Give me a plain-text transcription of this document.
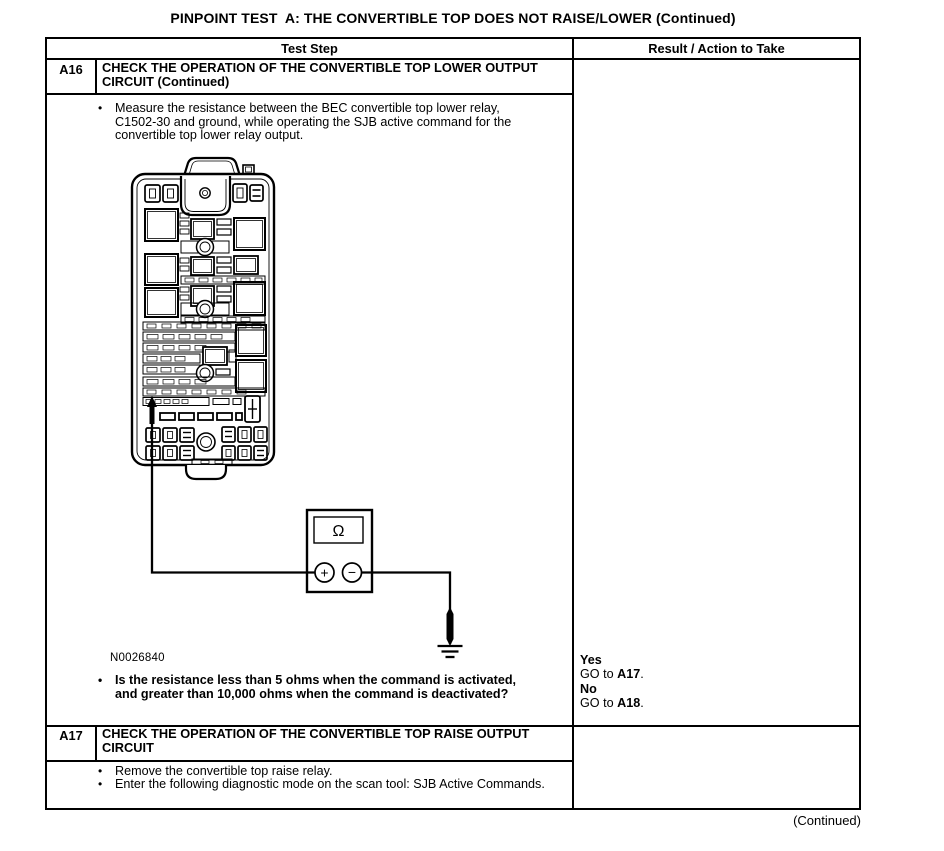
PINPOINT TEST  A: THE CONVERTIBLE TOP DOES NOT RAISE/LOWER (Continued)
Test Step	Result / Action to Take
A16	CHECK THE OPERATION OF THE CONVERTIBLE TOP LOWER OUTPUT CIRCUIT (Continued)
•	Measure the resistance between the BEC convertible top lower relay, C1502-30 and ground, while operating the SJB active command for the convertible top lower relay output.
Ω
+ −
N0026840
•	Is the resistance less than 5 ohms when the command is activated, and greater than 10,000 ohms when the command is deactivated?
Yes
GO to A17.
No
GO to A18.
A17	CHECK THE OPERATION OF THE CONVERTIBLE TOP RAISE OUTPUT CIRCUIT
•	Remove the convertible top raise relay.
•	Enter the following diagnostic mode on the scan tool: SJB Active Commands.
(Continued)
